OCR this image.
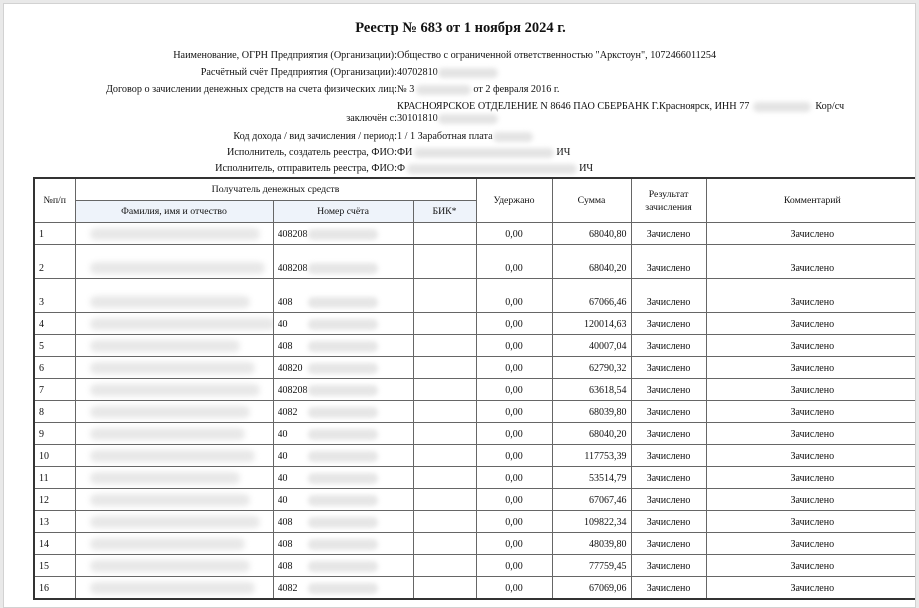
Реестр № 683 от 1 ноября 2024 г.
Наименование, ОГРН Предприятия (Организации): Общество с ограниченной ответственностью "Аркстоун", 1072466011254
Расчётный счёт Предприятия (Организации): 40702810
Договор о зачислении денежных средств на счета физических лиц: № 3	от 2 февраля 2016 г.
КРАСНОЯРСКОЕ ОТДЕЛЕНИЕ N 8646 ПАО СБЕРБАНК Г.Красноярск, ИНН 77	Кор/сч
заключён с: 30101810
Код дохода / вид зачисления / период: 1 / 1 Заработная плата
Исполнитель, создатель реестра, ФИО: ФИ	ИЧ
Исполнитель, отправитель реестра, ФИО: Ф	ИЧ
№п/п	Получатель денежных средств			Удержано	Сумма	Результат зачисления	Комментарий
	Фамилия, имя и отчество	Номер счёта	БИК*				
1		408208		0,00	68040,80	Зачислено	Зачислено
2		408208		0,00	68040,20	Зачислено	Зачислено
3		408		0,00	67066,46	Зачислено	Зачислено
4		40		0,00	120014,63	Зачислено	Зачислено
5		408		0,00	40007,04	Зачислено	Зачислено
6		40820		0,00	62790,32	Зачислено	Зачислено
7		408208		0,00	63618,54	Зачислено	Зачислено
8		4082		0,00	68039,80	Зачислено	Зачислено
9		40		0,00	68040,20	Зачислено	Зачислено
10		40		0,00	117753,39	Зачислено	Зачислено
11		40		0,00	53514,79	Зачислено	Зачислено
12		40		0,00	67067,46	Зачислено	Зачислено
13		408		0,00	109822,34	Зачислено	Зачислено
14		408		0,00	48039,80	Зачислено	Зачислено
15		408		0,00	77759,45	Зачислено	Зачислено
16		4082		0,00	67069,06	Зачислено	Зачислено
